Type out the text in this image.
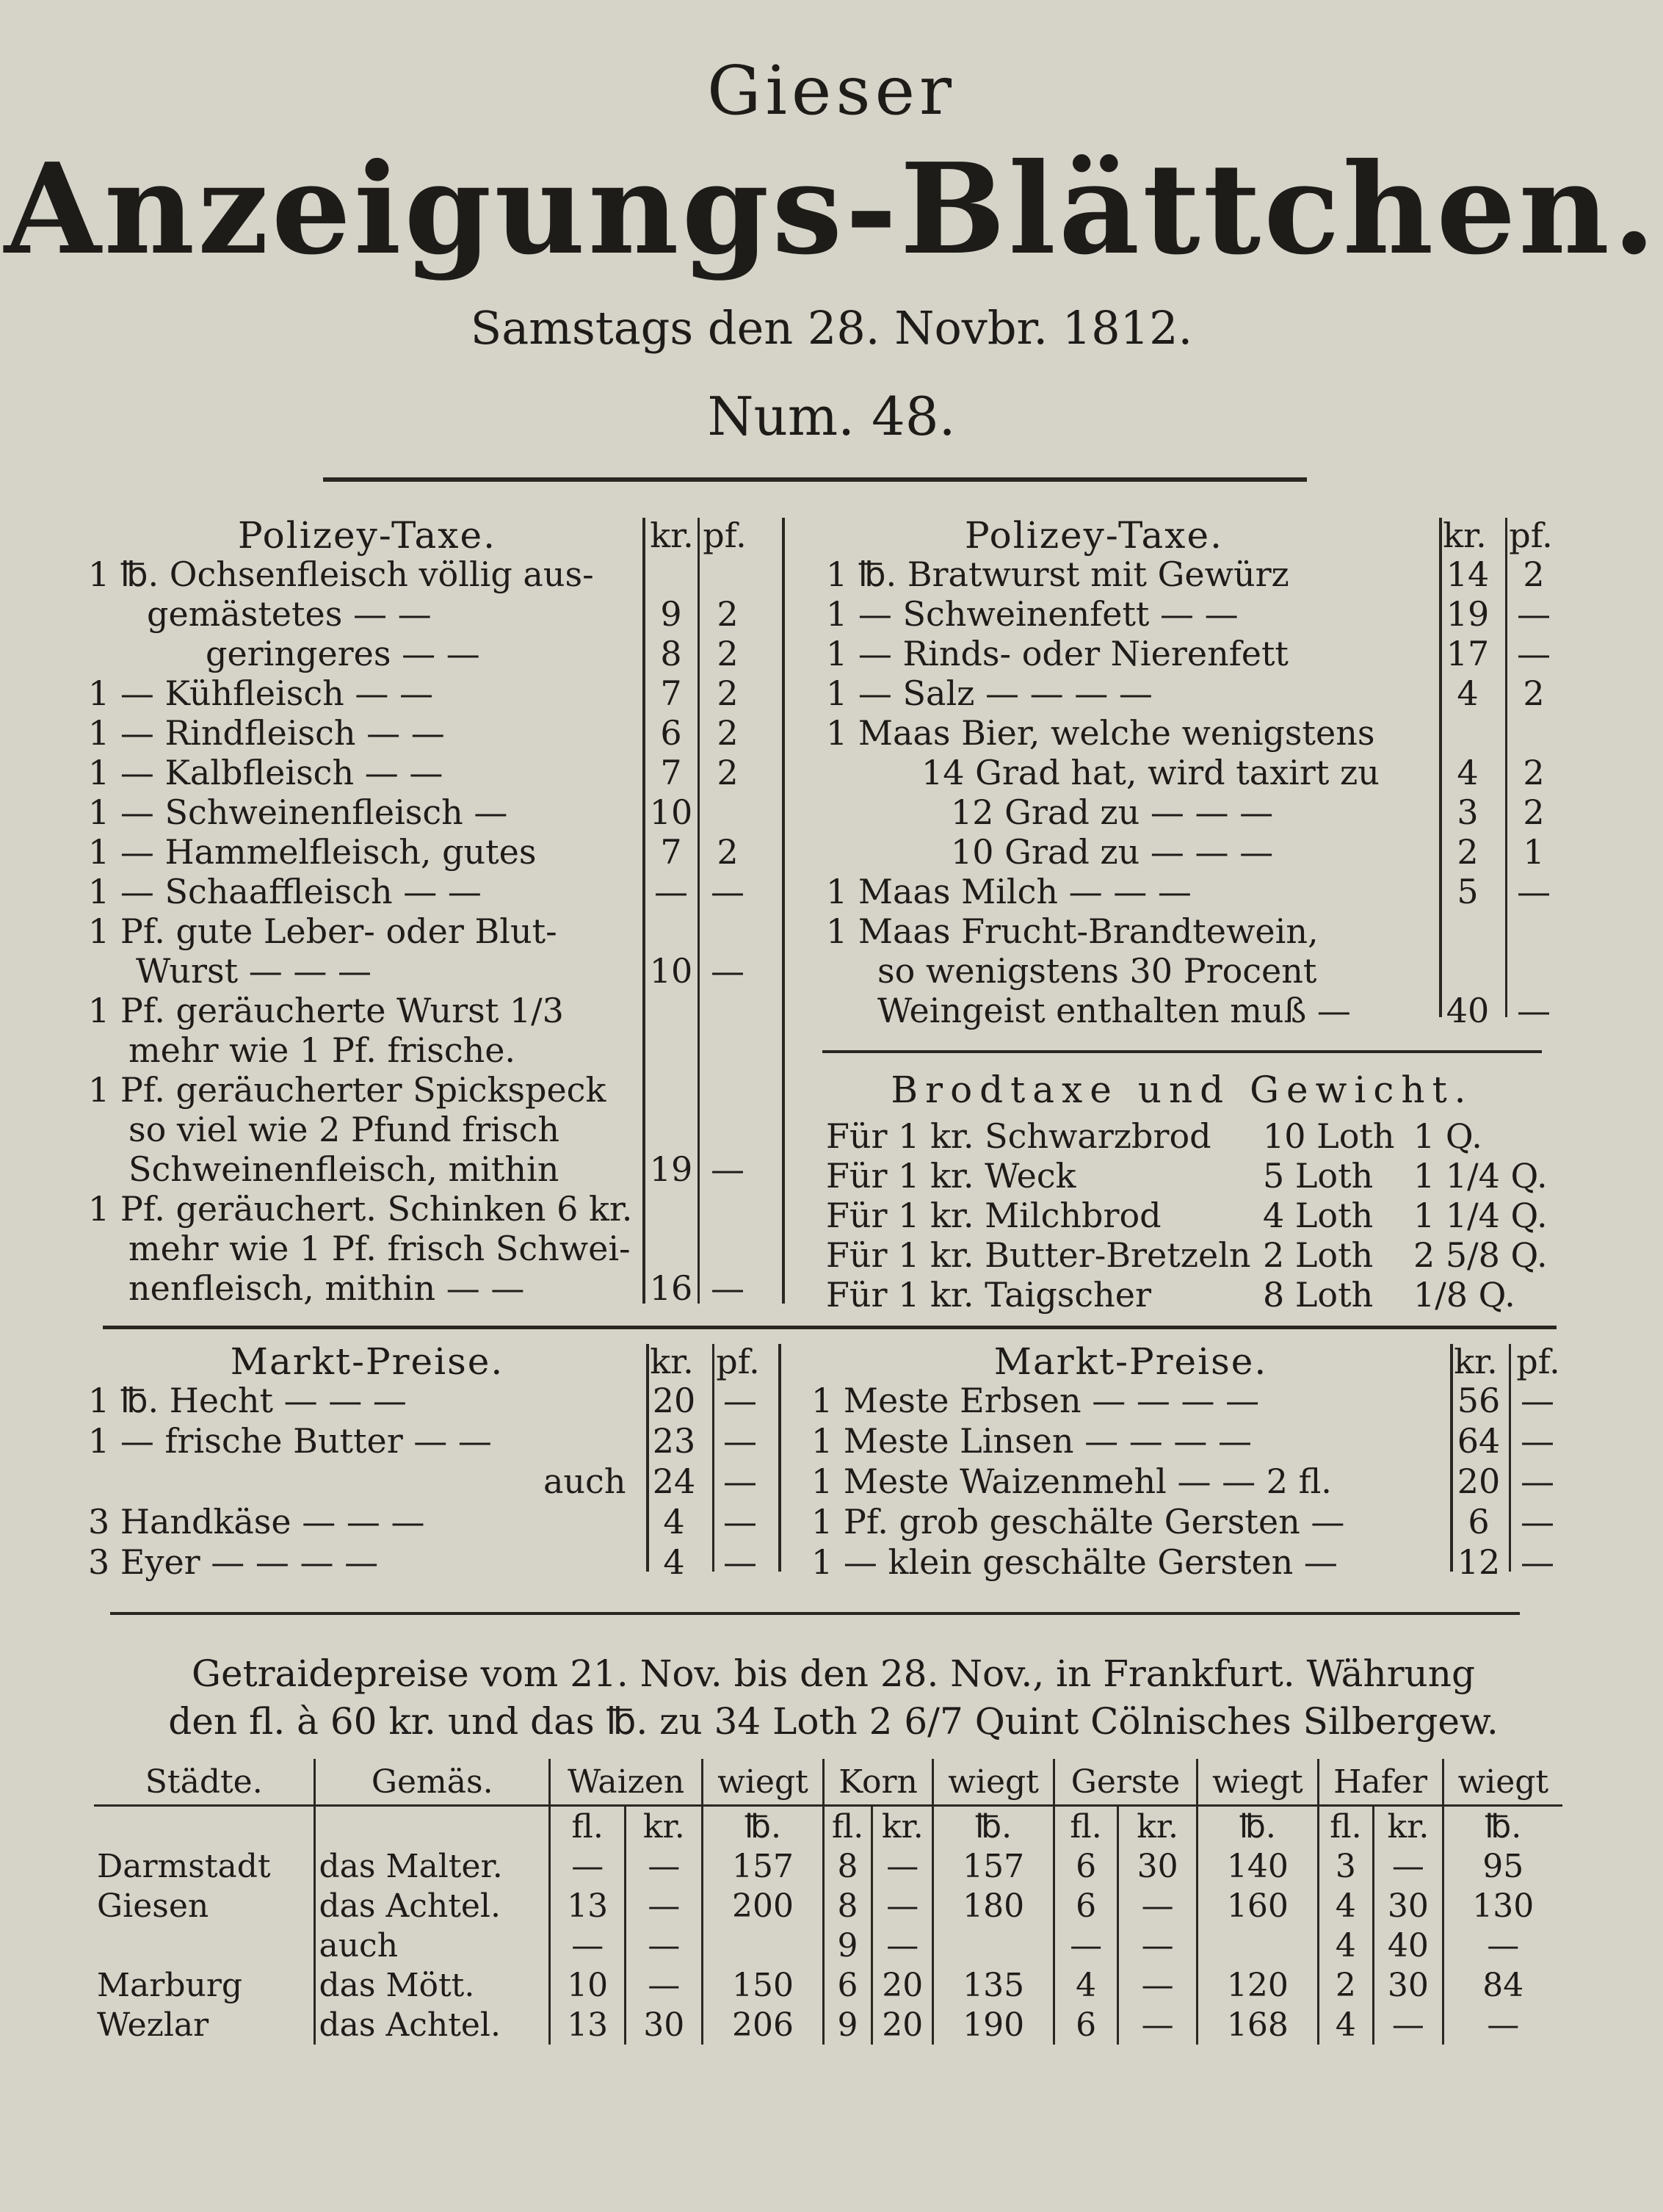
Gieser
Anzeigungs-Blättchen.
Samstags den 28. Novbr. 1812.
Num. 48.
Polizey-Taxe.	kr. pf.
1 ℔. Ochsenfleisch völlig aus-
gemästetes — —	9	2
geringeres — —	8	2
1 — Kühfleisch — —	7	2
1 — Rindfleisch — —	6	2
1 — Kalbfleisch — —	7	2
1 — Schweinenfleisch —	10
1 — Hammelfleisch, gutes	7	2
1 — Schaaffleisch — —	— —
1 Pf. gute Leber- oder Blut-
Wurst — — —	10 —
1 Pf. geräucherte Wurst 1/3
mehr wie 1 Pf. frische.
1 Pf. geräucherter Spickspeck
so viel wie 2 Pfund frisch
Schweinenfleisch, mithin	19 —
1 Pf. geräuchert. Schinken 6 kr.
mehr wie 1 Pf. frisch Schwei-
nenfleisch, mithin — —	16 —
Polizey-Taxe.	kr. pf.
1 ℔. Bratwurst mit Gewürz	14	2
1 — Schweinenfett — —	19 —
1 — Rinds- oder Nierenfett	17 —
1 — Salz — — — —	4	2
1 Maas Bier, welche wenigstens
14 Grad hat, wird taxirt zu	4	2
12 Grad zu — — —	3	2
10 Grad zu — — —	2	1
1 Maas Milch — — —	5	—
1 Maas Frucht-Brandtewein,
so wenigstens 30 Procent
Weingeist enthalten muß —	40 —
Brodtaxe und Gewicht.
Für 1 kr. Schwarzbrod	10 Loth 1 Q.
Für 1 kr. Weck	5 Loth	1 1/4 Q.
Für 1 kr. Milchbrod	4 Loth	1 1/4 Q.
Für 1 kr. Butter-Bretzeln 2 Loth	2 5/8 Q.
Für 1 kr. Taigscher	8 Loth	1/8 Q.
Markt-Preise.	kr. pf.
1 ℔. Hecht — — —	20 —
1 — frische Butter — —	23 —
auch 24 —
3 Handkäse — — —	4	—
3 Eyer — — — —	4	—
Markt-Preise.	kr. pf.
1 Meste Erbsen — — — —	56 —
1 Meste Linsen — — — —	64 —
1 Meste Waizenmehl — — 2 fl.	20 —
1 Pf. grob geschälte Gersten —	6 —
1 — klein geschälte Gersten —	12 —
Getraidepreise vom 21. Nov. bis den 28. Nov., in Frankfurt. Währung
den fl. à 60 kr. und das ℔. zu 34 Loth 2 6/7 Quint Cölnisches Silbergew.
Städte.	Gemäs.	Waizen		wiegt	Korn		wiegt	Gerste		wiegt	Hafer		wiegt
		fl.	kr.	℔.	fl.	kr.	℔.	fl.	kr.	℔.	fl.	kr.	℔.
Darmstadt	das Malter.	—	—	157	8	—	157	6	30	140	3	—	95
Giesen	das Achtel.	13	—	200	8	—	180	6	—	160	4	30	130
	auch	—	—		9	—		—	—		4	40	—
Marburg	das Mött.	10	—	150	6	20	135	4	—	120	2	30	84
Wezlar	das Achtel.	13	30	206	9	20	190	6	—	168	4	—	—
